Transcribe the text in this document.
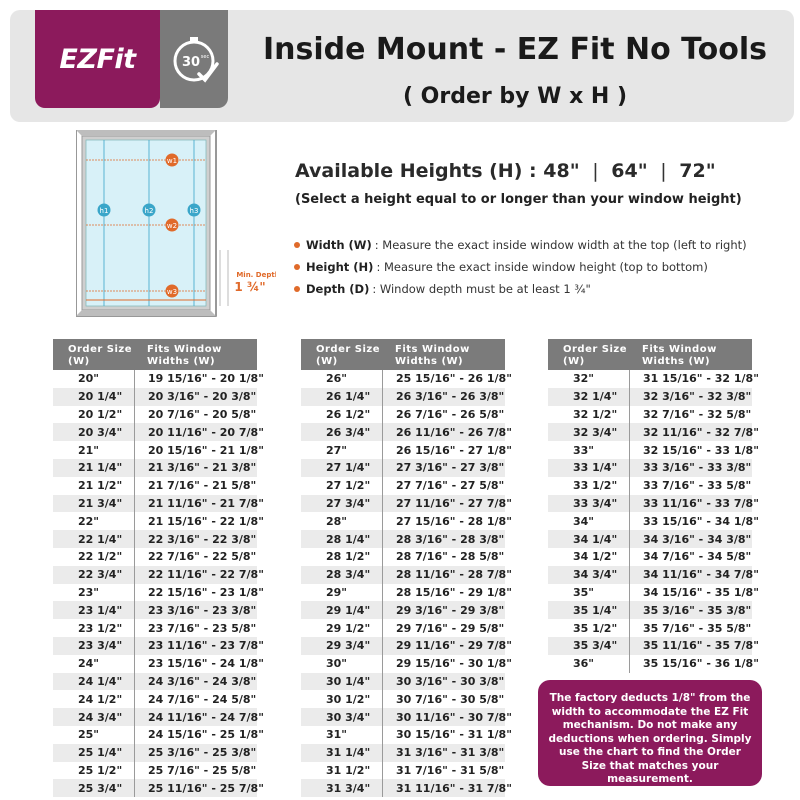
EZFit	30 sec	Inside Mount - EZ Fit No Tools
( Order by W x H )
w1
h1	h2	h3
w2
w3
Min. Depth
1 ¾"
Available Heights (H) : 48" | 64" | 72"
(Select a height equal to or longer than your window height)
Width (W) : Measure the exact inside window width at the top (left to right)
Height (H) : Measure the exact inside window height (top to bottom)
Depth (D) : Window depth must be at least 1 ¾"
Order Size
(W)
Fits Window
Widths (W)
20"	19 15/16" - 20 1/8"
20 1/4"	20 3/16" - 20 3/8"
20 1/2"	20 7/16" - 20 5/8"
20 3/4"	20 11/16" - 20 7/8"
21"	20 15/16" - 21 1/8"
21 1/4"	21 3/16" - 21 3/8"
21 1/2"	21 7/16" - 21 5/8"
21 3/4"	21 11/16" - 21 7/8"
22"	21 15/16" - 22 1/8"
22 1/4"	22 3/16" - 22 3/8"
22 1/2"	22 7/16" - 22 5/8"
22 3/4"	22 11/16" - 22 7/8"
23"	22 15/16" - 23 1/8"
23 1/4"	23 3/16" - 23 3/8"
23 1/2"	23 7/16" - 23 5/8"
23 3/4"	23 11/16" - 23 7/8"
24"	23 15/16" - 24 1/8"
24 1/4"	24 3/16" - 24 3/8"
24 1/2"	24 7/16" - 24 5/8"
24 3/4"	24 11/16" - 24 7/8"
25"	24 15/16" - 25 1/8"
25 1/4"	25 3/16" - 25 3/8"
25 1/2"	25 7/16" - 25 5/8"
25 3/4"	25 11/16" - 25 7/8"
Order Size
(W)
Fits Window
Widths (W)
26"	25 15/16" - 26 1/8"
26 1/4"	26 3/16" - 26 3/8"
26 1/2"	26 7/16" - 26 5/8"
26 3/4"	26 11/16" - 26 7/8"
27"	26 15/16" - 27 1/8"
27 1/4"	27 3/16" - 27 3/8"
27 1/2"	27 7/16" - 27 5/8"
27 3/4"	27 11/16" - 27 7/8"
28"	27 15/16" - 28 1/8"
28 1/4"	28 3/16" - 28 3/8"
28 1/2"	28 7/16" - 28 5/8"
28 3/4"	28 11/16" - 28 7/8"
29"	28 15/16" - 29 1/8"
29 1/4"	29 3/16" - 29 3/8"
29 1/2"	29 7/16" - 29 5/8"
29 3/4"	29 11/16" - 29 7/8"
30"	29 15/16" - 30 1/8"
30 1/4"	30 3/16" - 30 3/8"
30 1/2"	30 7/16" - 30 5/8"
30 3/4"	30 11/16" - 30 7/8"
31"	30 15/16" - 31 1/8"
31 1/4"	31 3/16" - 31 3/8"
31 1/2"	31 7/16" - 31 5/8"
31 3/4"	31 11/16" - 31 7/8"
Order Size
(W)
Fits Window
Widths (W)
32"	31 15/16" - 32 1/8"
32 1/4"	32 3/16" - 32 3/8"
32 1/2"	32 7/16" - 32 5/8"
32 3/4"	32 11/16" - 32 7/8"
33"	32 15/16" - 33 1/8"
33 1/4"	33 3/16" - 33 3/8"
33 1/2"	33 7/16" - 33 5/8"
33 3/4"	33 11/16" - 33 7/8"
34"	33 15/16" - 34 1/8"
34 1/4"	34 3/16" - 34 3/8"
34 1/2"	34 7/16" - 34 5/8"
34 3/4"	34 11/16" - 34 7/8"
35"	34 15/16" - 35 1/8"
35 1/4"	35 3/16" - 35 3/8"
35 1/2"	35 7/16" - 35 5/8"
35 3/4"	35 11/16" - 35 7/8"
36"	35 15/16" - 36 1/8"
The factory deducts 1/8" from the width to accommodate the EZ Fit mechanism. Do not make any deductions when ordering. Simply use the chart to find the Order Size that matches your measurement.
